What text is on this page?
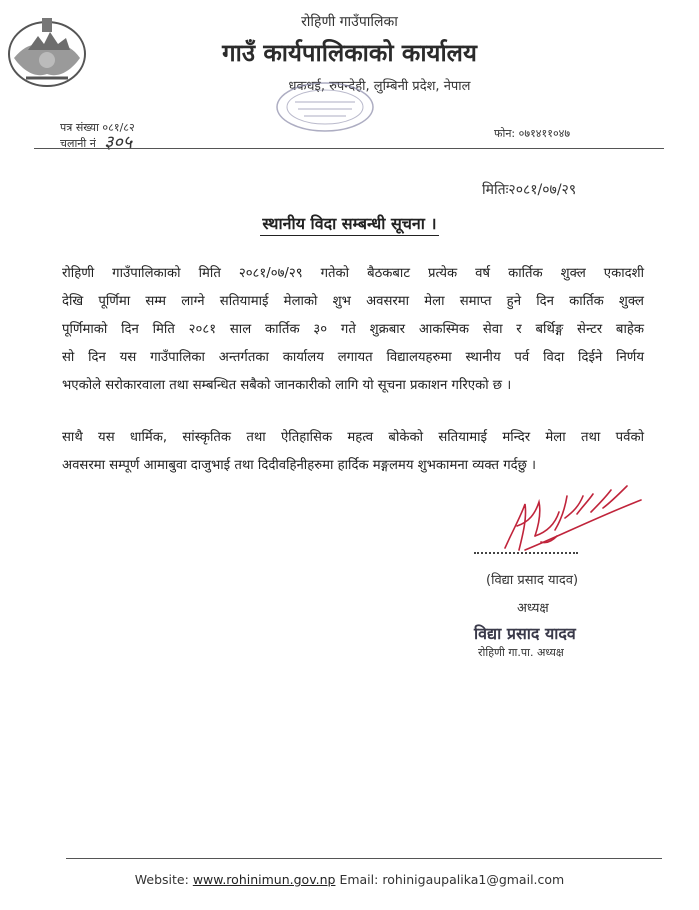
रोहिणी गाउँपालिका
गाउँ कार्यपालिकाको कार्यालय
धकधई, रुपन्देही, लुम्बिनी प्रदेश, नेपाल
पत्र संख्या ०८१/८२
चलानी नं ३०५	फोन: ०७१४११०४७
मितिः२०८१/०७/२९
स्थानीय विदा सम्बन्धी सूचना ।
रोहिणी गाउँपालिकाको मिति २०८१/०७/२९ गतेको बैठकबाट प्रत्येक वर्ष कार्तिक शुक्ल एकादशी
देखि पूर्णिमा सम्म लाग्ने सतियामाई मेलाको शुभ अवसरमा मेला समाप्त हुने दिन कार्तिक शुक्ल
पूर्णिमाको दिन मिति २०८१ साल कार्तिक ३० गते शुक्रबार आकस्मिक सेवा र बर्थिङ्ग सेन्टर बाहेक
सो दिन यस गाउँपालिका अन्तर्गतका कार्यालय लगायत विद्यालयहरुमा स्थानीय पर्व विदा दिईने निर्णय
भएकोले सरोकारवाला तथा सम्बन्धित सबैको जानकारीको लागि यो सूचना प्रकाशन गरिएको छ ।
साथै यस धार्मिक, सांस्कृतिक तथा ऐतिहासिक महत्व बोकेको सतियामाई मन्दिर मेला तथा पर्वको
अवसरमा सम्पूर्ण आमाबुवा दाजुभाई तथा दिदीवहिनीहरुमा हार्दिक मङ्गलमय शुभकामना व्यक्त गर्दछु ।
(विद्या प्रसाद यादव)
अध्यक्ष
विद्या प्रसाद यादव
रोहिणी गा.पा. अध्यक्ष
Website: www.rohinimun.gov.np Email: rohinigaupalika1@gmail.com
